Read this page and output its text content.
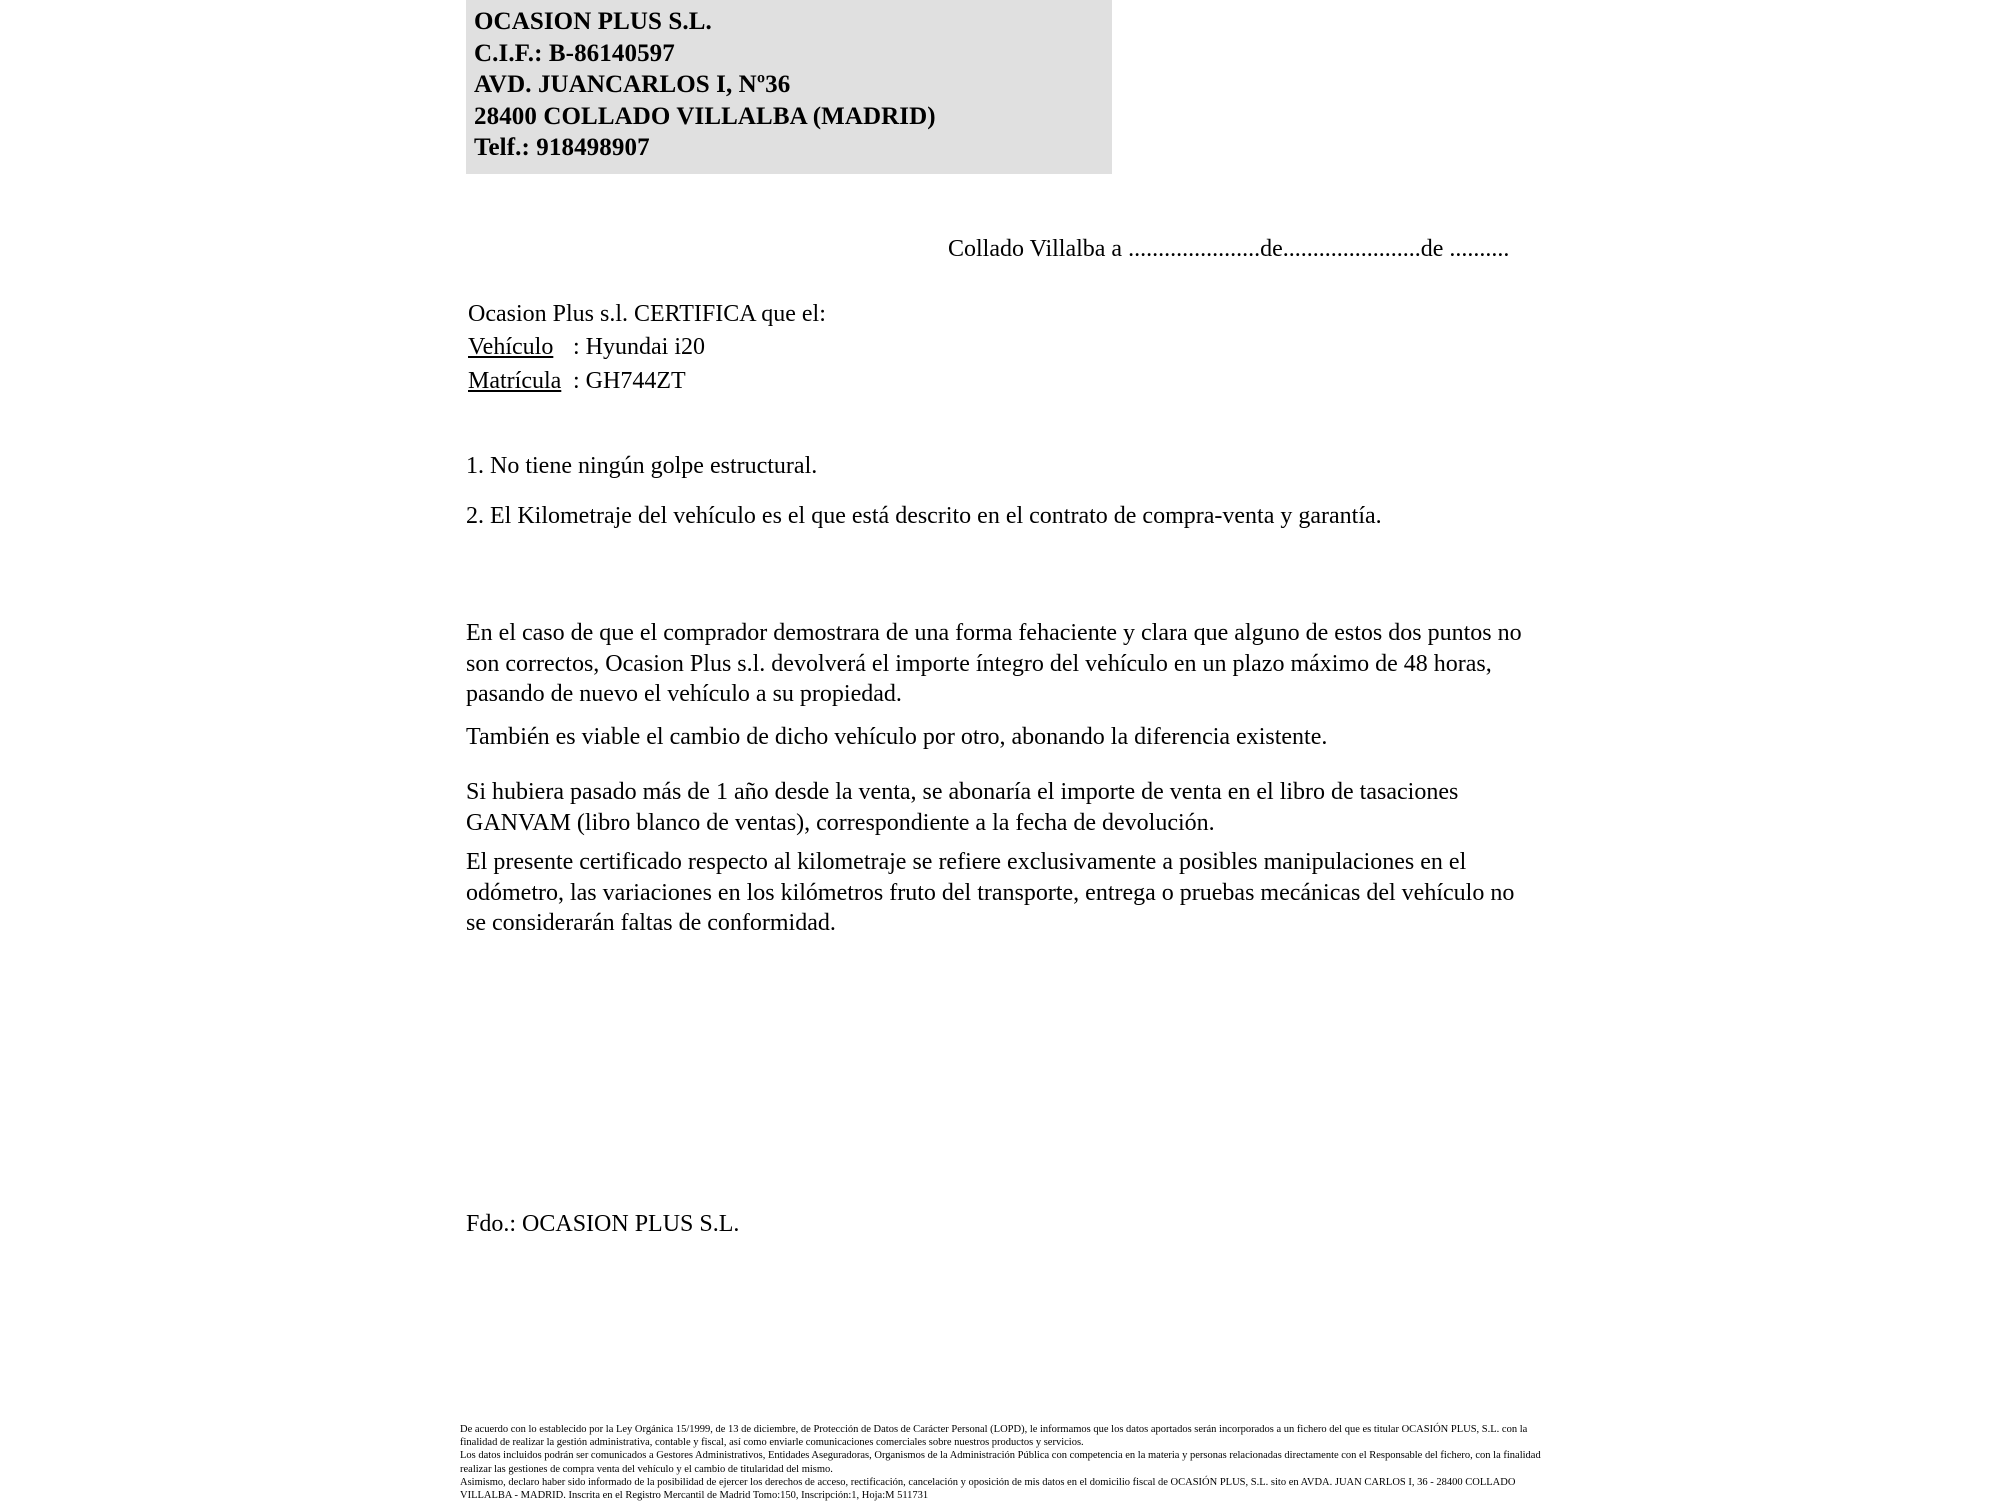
OCASION PLUS S.L.
C.I.F.: B-86140597
AVD. JUANCARLOS I, Nº36
28400 COLLADO VILLALBA (MADRID)
Telf.: 918498907
Collado Villalba a ......................de.......................de ..........
Ocasion Plus s.l. CERTIFICA que el:
Vehículo : Hyundai i20
Matrícula : GH744ZT
1. No tiene ningún golpe estructural.
2. El Kilometraje del vehículo es el que está descrito en el contrato de compra-venta y garantía.
En el caso de que el comprador demostrara de una forma fehaciente y clara que alguno de estos dos puntos no son correctos, Ocasion Plus s.l. devolverá el importe íntegro del vehículo en un plazo máximo de 48 horas, pasando de nuevo el vehículo a su propiedad.
También es viable el cambio de dicho vehículo por otro, abonando la diferencia existente.
Si hubiera pasado más de 1 año desde la venta, se abonaría el importe de venta en el libro de tasaciones GANVAM (libro blanco de ventas), correspondiente a la fecha de devolución.
El presente certificado respecto al kilometraje se refiere exclusivamente a posibles manipulaciones en el odómetro, las variaciones en los kilómetros fruto del transporte, entrega o pruebas mecánicas del vehículo no se considerarán faltas de conformidad.
Fdo.: OCASION PLUS S.L.

De acuerdo con lo establecido por la Ley Orgánica 15/1999, de 13 de diciembre, de Protección de Datos de Carácter Personal (LOPD), le informamos que los datos aportados serán incorporados a un fichero del que es titular OCASIÓN PLUS, S.L. con la finalidad de realizar la gestión administrativa, contable y fiscal, así como enviarle comunicaciones comerciales sobre nuestros productos y servicios.

Los datos incluidos podrán ser comunicados a Gestores Administrativos, Entidades Aseguradoras, Organismos de la Administración Pública con competencia en la materia y personas relacionadas directamente con el Responsable del fichero, con la finalidad realizar las gestiones de compra venta del vehículo y el cambio de titularidad del mismo.

Asimismo, declaro haber sido informado de la posibilidad de ejercer los derechos de acceso, rectificación, cancelación y oposición de mis datos en el domicilio fiscal de OCASIÓN PLUS, S.L. sito en AVDA. JUAN CARLOS I, 36 - 28400 COLLADO VILLALBA - MADRID. Inscrita en el Registro Mercantil de Madrid Tomo:150, Inscripción:1, Hoja:M 511731
